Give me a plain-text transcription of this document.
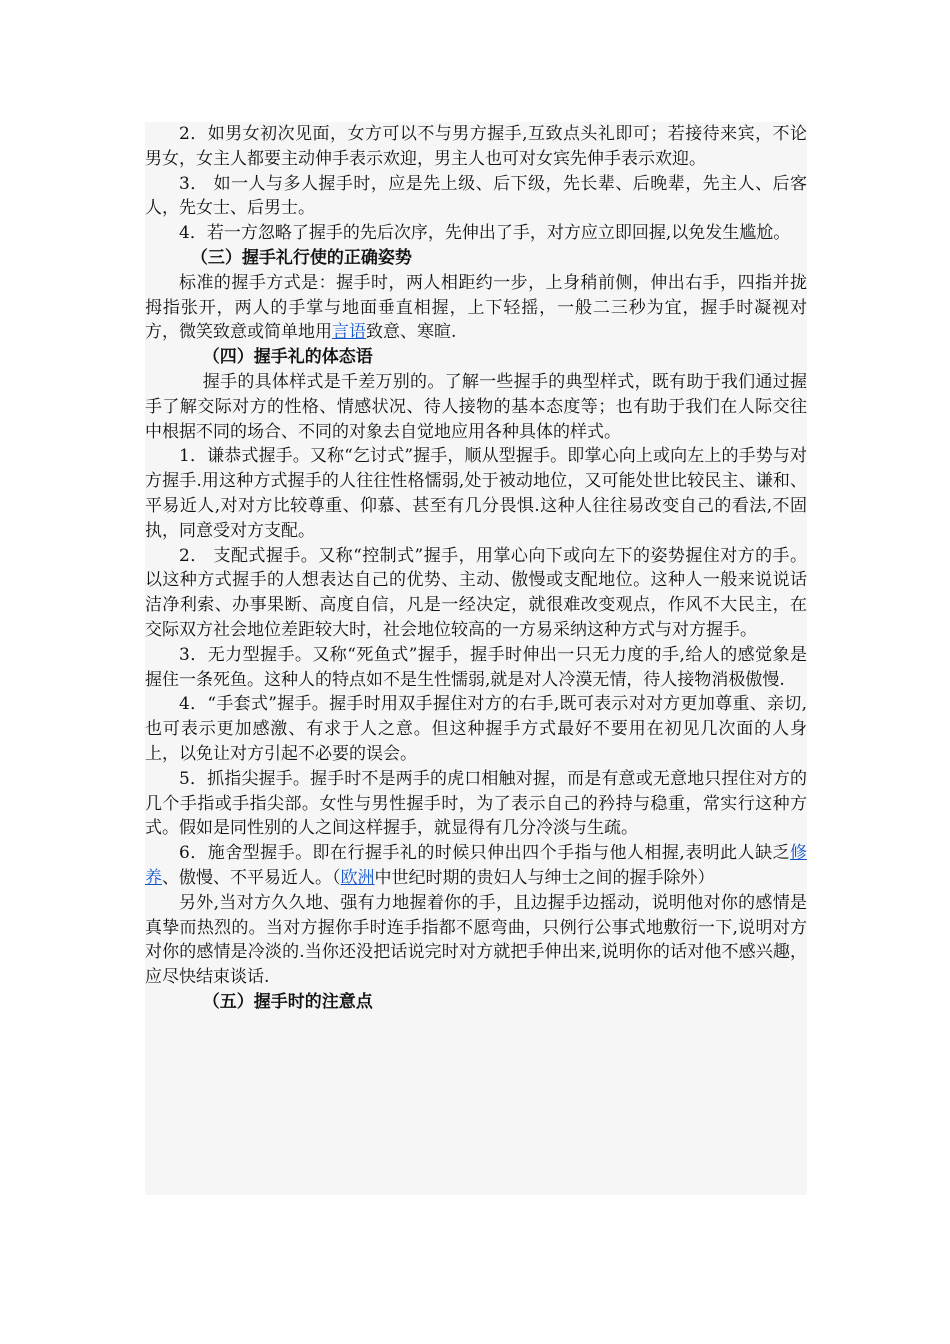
2．如男女初次见面，女方可以不与男方握手,互致点头礼即可；若接待来宾，不论男女，女主人都要主动伸手表示欢迎，男主人也可对女宾先伸手表示欢迎。

3． 如一人与多人握手时，应是先上级、后下级，先长辈、后晚辈，先主人、后客人，先女士、后男士。

4．若一方忽略了握手的先后次序，先伸出了手，对方应立即回握,以免发生尴尬。

（三）握手礼行使的正确姿势

标准的握手方式是：握手时，两人相距约一步，上身稍前侧，伸出右手，四指并拢拇指张开，两人的手掌与地面垂直相握，上下轻摇，一般二三秒为宜，握手时凝视对方，微笑致意或简单地用言语致意、寒暄.

（四）握手礼的体态语

握手的具体样式是千差万别的。了解一些握手的典型样式，既有助于我们通过握手了解交际对方的性格、情感状况、待人接物的基本态度等；也有助于我们在人际交往中根据不同的场合、不同的对象去自觉地应用各种具体的样式。

1．谦恭式握手。又称“乞讨式”握手，顺从型握手。即掌心向上或向左上的手势与对方握手.用这种方式握手的人往往性格懦弱,处于被动地位，又可能处世比较民主、谦和、平易近人,对对方比较尊重、仰慕、甚至有几分畏惧.这种人往往易改变自己的看法,不固执，同意受对方支配。

2． 支配式握手。又称“控制式”握手，用掌心向下或向左下的姿势握住对方的手。以这种方式握手的人想表达自己的优势、主动、傲慢或支配地位。这种人一般来说说话洁净利索、办事果断、高度自信，凡是一经决定，就很难改变观点，作风不大民主，在交际双方社会地位差距较大时，社会地位较高的一方易采纳这种方式与对方握手。

3．无力型握手。又称“死鱼式”握手，握手时伸出一只无力度的手,给人的感觉象是握住一条死鱼。这种人的特点如不是生性懦弱,就是对人冷漠无情，待人接物消极傲慢.

4．“手套式”握手。握手时用双手握住对方的右手,既可表示对对方更加尊重、亲切,也可表示更加感激、有求于人之意。但这种握手方式最好不要用在初见几次面的人身上，以免让对方引起不必要的误会。

5．抓指尖握手。握手时不是两手的虎口相触对握，而是有意或无意地只捏住对方的几个手指或手指尖部。女性与男性握手时，为了表示自己的矜持与稳重，常实行这种方式。假如是同性别的人之间这样握手，就显得有几分冷淡与生疏。

6．施舍型握手。即在行握手礼的时候只伸出四个手指与他人相握,表明此人缺乏修养、傲慢、不平易近人。（欧洲中世纪时期的贵妇人与绅士之间的握手除外）

另外,当对方久久地、强有力地握着你的手，且边握手边摇动，说明他对你的感情是真挚而热烈的。当对方握你手时连手指都不愿弯曲，只例行公事式地敷衍一下,说明对方对你的感情是冷淡的.当你还没把话说完时对方就把手伸出来,说明你的话对他不感兴趣，应尽快结束谈话.

（五）握手时的注意点
